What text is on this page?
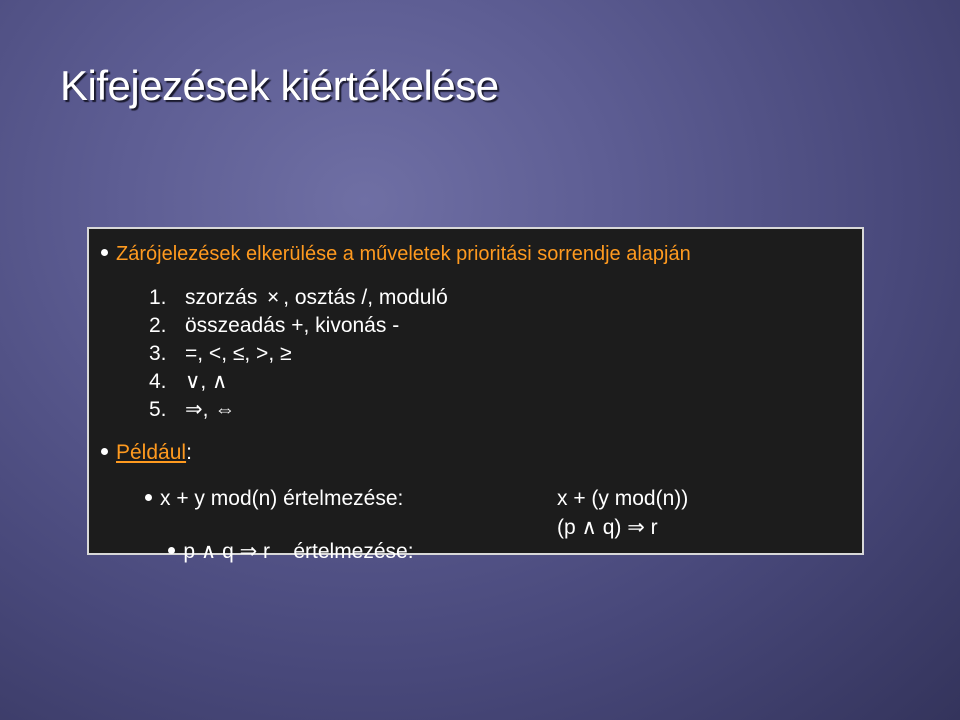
Kifejezések kiértékelése
Zárójelezések elkerülése a műveletek prioritási sorrendje alapján
1. szorzás × , osztás /, moduló
2. összeadás +, kivonás -
3. =, <, ≤, >, ≥
4. ∨, ∧
5. ⇒, ⇔
Például:
x + y mod(n) értelmezése:	x + (y mod(n))

p ∧ q ⇒ r    értelmezése:

(p ∧ q) ⇒ r
